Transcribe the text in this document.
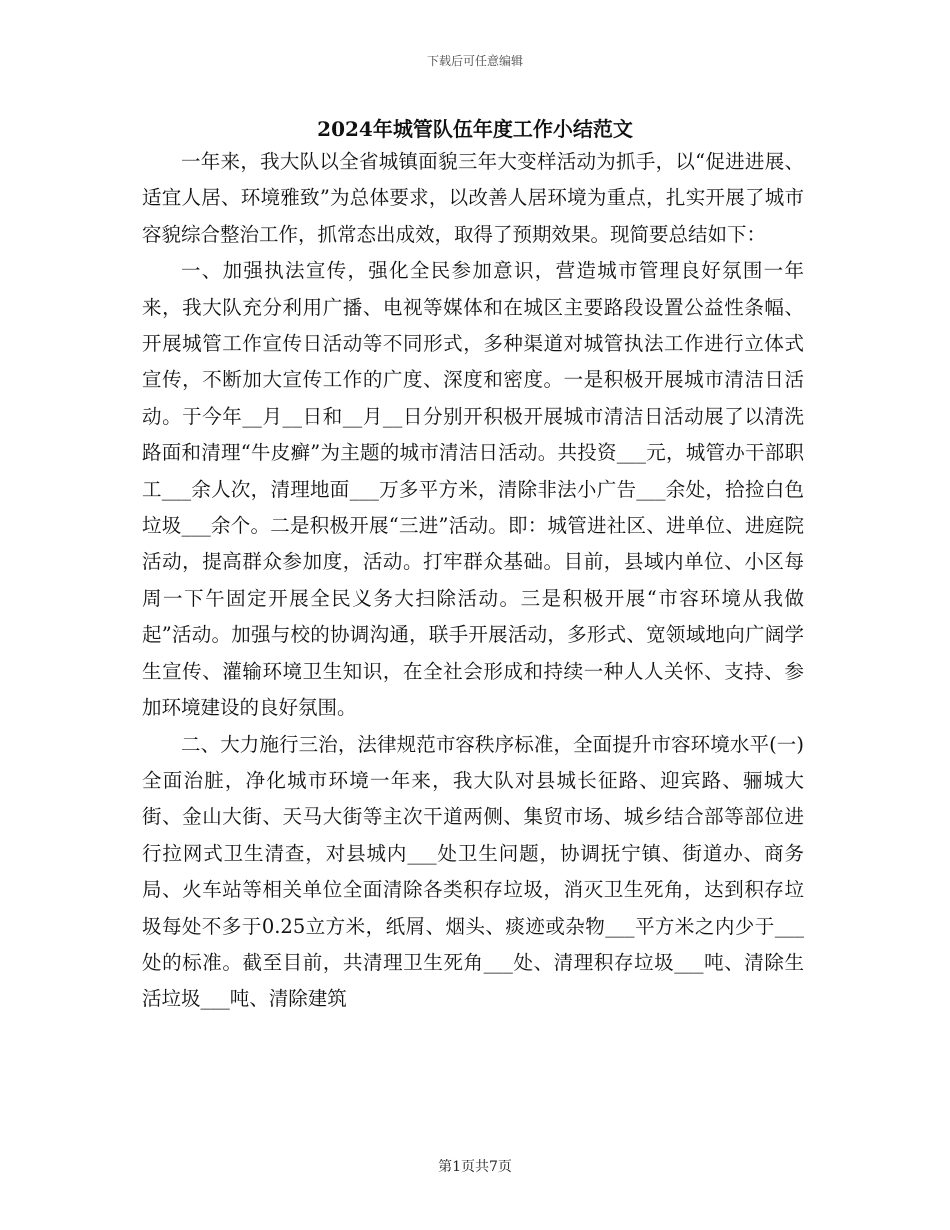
下载后可任意编辑
2024年城管队伍年度工作小结范文

一年来，我大队以全省城镇面貌三年大变样活动为抓手，以“促进进展、适宜人居、环境雅致”为总体要求，以改善人居环境为重点，扎实开展了城市容貌综合整治工作，抓常态出成效，取得了预期效果。现简要总结如下：

一、加强执法宣传，强化全民参加意识，营造城市管理良好氛围一年来，我大队充分利用广播、电视等媒体和在城区主要路段设置公益性条幅、开展城管工作宣传日活动等不同形式，多种渠道对城管执法工作进行立体式宣传，不断加大宣传工作的广度、深度和密度。一是积极开展城市清洁日活动。于今年__月__日和__月__日分别开积极开展城市清洁日活动展了以清洗路面和清理“牛皮癣”为主题的城市清洁日活动。共投资___元，城管办干部职工___余人次，清理地面___万多平方米，清除非法小广告___余处，拾捡白色垃圾___余个。二是积极开展“三进”活动。即：城管进社区、进单位、进庭院活动，提高群众参加度，活动。打牢群众基础。目前，县域内单位、小区每周一下午固定开展全民义务大扫除活动。三是积极开展“市容环境从我做起”活动。加强与校的协调沟通，联手开展活动，多形式、宽领域地向广阔学生宣传、灌输环境卫生知识，在全社会形成和持续一种人人关怀、支持、参加环境建设的良好氛围。

二、大力施行三治，法律规范市容秩序标准，全面提升市容环境水平(一)全面治脏，净化城市环境一年来，我大队对县城长征路、迎宾路、骊城大街、金山大街、天马大街等主次干道两侧、集贸市场、城乡结合部等部位进行拉网式卫生清查，对县城内___处卫生问题，协调抚宁镇、街道办、商务局、火车站等相关单位全面清除各类积存垃圾，消灭卫生死角，达到积存垃圾每处不多于0.25立方米，纸屑、烟头、痰迹或杂物___平方米之内少于___处的标准。截至目前，共清理卫生死角___处、清理积存垃圾___吨、清除生活垃圾___吨、清除建筑

第1页共7页
